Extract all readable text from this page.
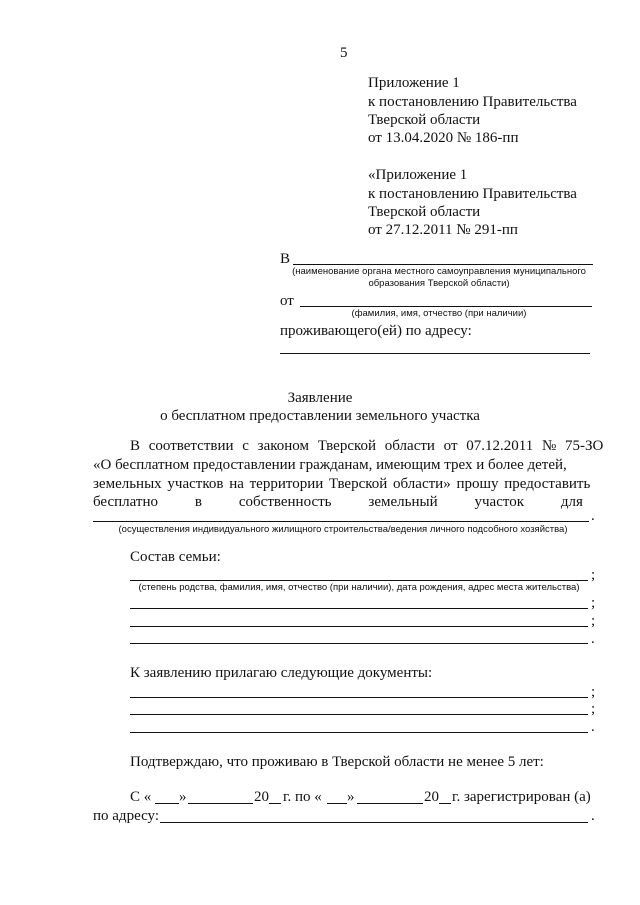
5
Приложение 1
к постановлению Правительства
Тверской области
от 13.04.2020 № 186-пп
«Приложение 1
к постановлению Правительства
Тверской области
от 27.12.2011 № 291-пп
В
(наименование органа местного самоуправления муниципального
образования Тверской области)
от
(фамилия, имя, отчество (при наличии)
проживающего(ей) по адресу:
Заявление
о бесплатном предоставлении земельного участка
В соответствии с законом Тверской области от 07.12.2011 № 75-ЗО
«О бесплатном предоставлении гражданам, имеющим трех и более детей,
земельных участков на территории Тверской области» прошу предоставить
бесплатно в собственность земельный участок для
.
(осуществления индивидуального жилищного строительства/ведения личного подсобного хозяйства)
Состав семьи:
;
(степень родства, фамилия, имя, отчество (при наличии), дата рождения, адрес места жительства)
;
;
.
К заявлению прилагаю следующие документы:
;
;
.
Подтверждаю, что проживаю в Тверской области не менее 5 лет:
С « »	20 г. по « »	20 г. зарегистрирован (а)
по адресу:	.
